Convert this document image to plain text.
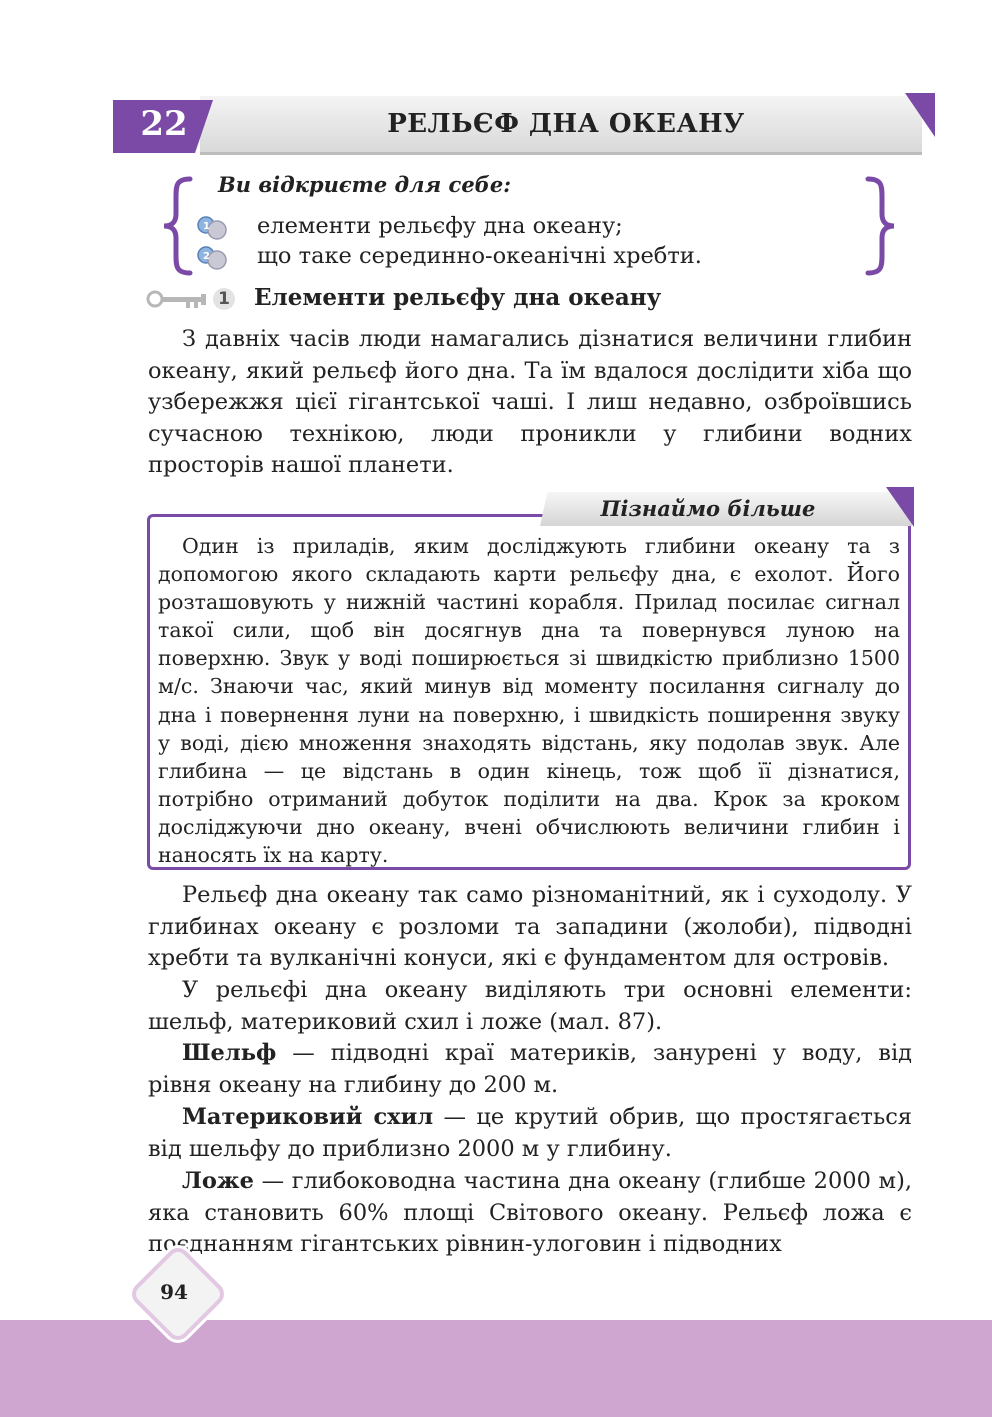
22	РЕЛЬЄФ ДНА ОКЕАНУ
Ви відкриєте для себе:
1 елементи рельєфу дна океану;
2 що таке серединно-океанічні хребти.
1 Елементи рельєфу дна океану

З давніх часів люди намагались дізнатися величини глибин океану, який рельєф його дна. Та їм вдалося дослідити хіба що узбережжя цієї гігантської чаші. І лиш недавно, озброївшись сучасною технікою, люди проникли у глибини водних просторів нашої планети.

Пізнаймо більше

Один із приладів, яким досліджують глибини океану та з допомогою якого складають карти рельєфу дна, є ехолот. Його розташовують у нижній частині корабля. Прилад посилає сигнал такої сили, щоб він досягнув дна та повернувся луною на поверхню. Звук у воді поширюється зі швидкістю приблизно 1500 м/с. Знаючи час, який минув від моменту посилання сигналу до дна і повернення луни на поверхню, і швидкість поширення звуку у воді, дією множення знаходять відстань, яку подолав звук. Але глибина — це відстань в один кінець, тож щоб її дізнатися, потрібно отриманий добуток поділити на два. Крок за кроком досліджуючи дно океану, вчені обчислюють величини глибин і наносять їх на карту.

Рельєф дна океану так само різноманітний, як і суходолу. У глибинах океану є розломи та западини (жолоби), підводні хребти та вулканічні конуси, які є фундаментом для островів.

У рельєфі дна океану виділяють три основні елементи: шельф, материковий схил і ложе (мал. 87).

Шельф — підводні краї материків, занурені у воду, від рівня океану на глибину до 200 м.

Материковий схил — це крутий обрив, що простягається від шельфу до приблизно 2000 м у глибину.

Ложе — глибоководна частина дна океану (глибше 2000 м), яка становить 60% площі Світового океану. Рельєф ложа є поєднанням гігантських рівнин-улоговин і підводних

94
